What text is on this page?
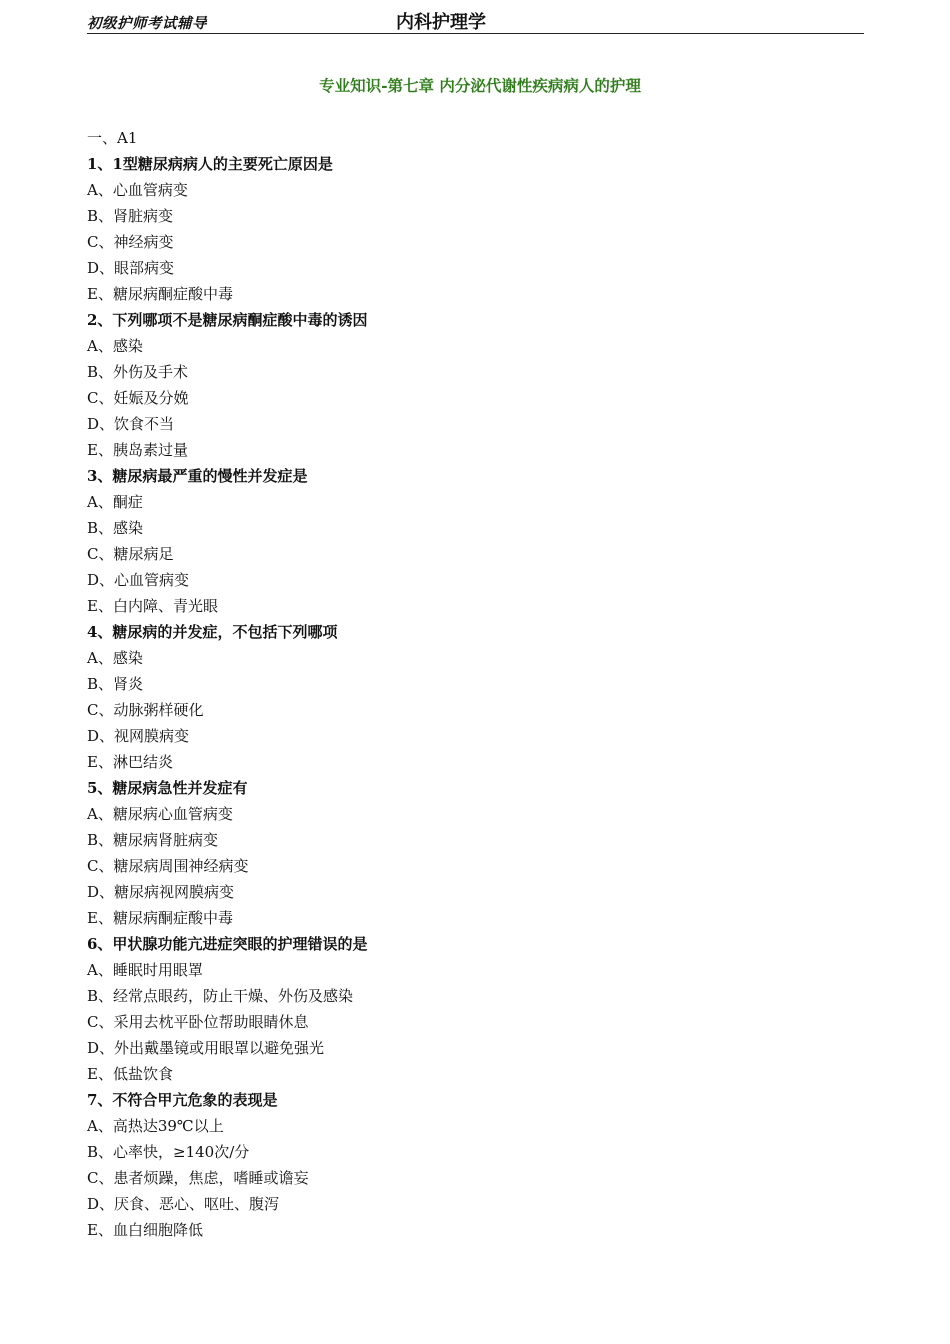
初级护师考试辅导	内科护理学
专业知识-第七章 内分泌代谢性疾病病人的护理
一、A1
1、1型糖尿病病人的主要死亡原因是
A、心血管病变
B、肾脏病变
C、神经病变
D、眼部病变
E、糖尿病酮症酸中毒
2、下列哪项不是糖尿病酮症酸中毒的诱因
A、感染
B、外伤及手术
C、妊娠及分娩
D、饮食不当
E、胰岛素过量
3、糖尿病最严重的慢性并发症是
A、酮症
B、感染
C、糖尿病足
D、心血管病变
E、白内障、青光眼
4、糖尿病的并发症，不包括下列哪项
A、感染
B、肾炎
C、动脉粥样硬化
D、视网膜病变
E、淋巴结炎
5、糖尿病急性并发症有
A、糖尿病心血管病变
B、糖尿病肾脏病变
C、糖尿病周围神经病变
D、糖尿病视网膜病变
E、糖尿病酮症酸中毒
6、甲状腺功能亢进症突眼的护理错误的是
A、睡眠时用眼罩
B、经常点眼药，防止干燥、外伤及感染
C、采用去枕平卧位帮助眼睛休息
D、外出戴墨镜或用眼罩以避免强光
E、低盐饮食
7、不符合甲亢危象的表现是
A、高热达39℃以上
B、心率快，≥140次/分
C、患者烦躁，焦虑，嗜睡或谵妄
D、厌食、恶心、呕吐、腹泻
E、血白细胞降低
